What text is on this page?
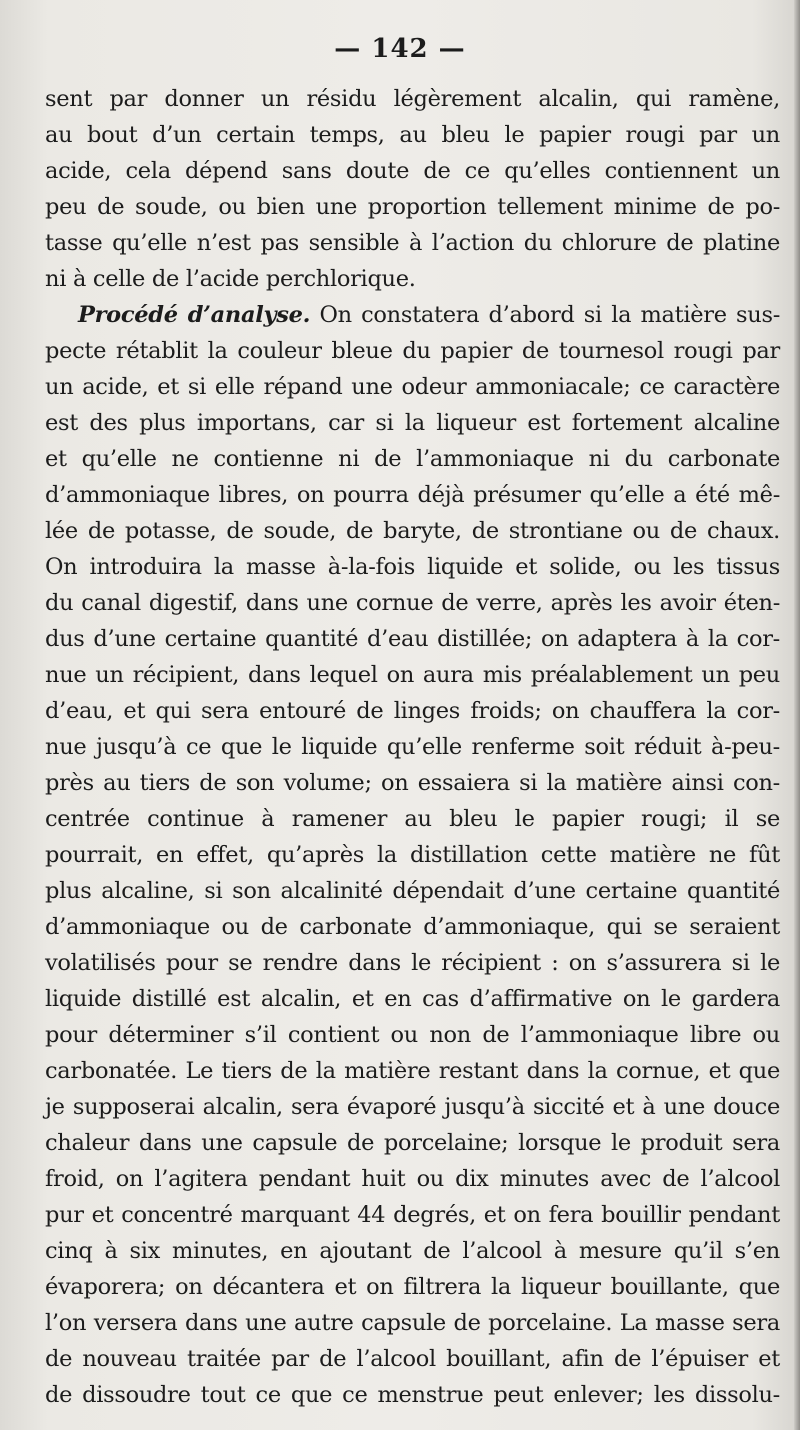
— 142 —
sent par donner un résidu légèrement alcalin, qui ramène,
au bout d’un certain temps, au bleu le papier rougi par un
acide, cela dépend sans doute de ce qu’elles contiennent un
peu de soude, ou bien une proportion tellement minime de po-
tasse qu’elle n’est pas sensible à l’action du chlorure de platine
ni à celle de l’acide perchlorique.
Procédé d’analyse. On constatera d’abord si la matière sus-
pecte rétablit la couleur bleue du papier de tournesol rougi par
un acide, et si elle répand une odeur ammoniacale; ce caractère
est des plus importans, car si la liqueur est fortement alcaline
et qu’elle ne contienne ni de l’ammoniaque ni du carbonate
d’ammoniaque libres, on pourra déjà présumer qu’elle a été mê-
lée de potasse, de soude, de baryte, de strontiane ou de chaux.
On introduira la masse à-la-fois liquide et solide, ou les tissus
du canal digestif, dans une cornue de verre, après les avoir éten-
dus d’une certaine quantité d’eau distillée; on adaptera à la cor-
nue un récipient, dans lequel on aura mis préalablement un peu
d’eau, et qui sera entouré de linges froids; on chauffera la cor-
nue jusqu’à ce que le liquide qu’elle renferme soit réduit à-peu-
près au tiers de son volume; on essaiera si la matière ainsi con-
centrée continue à ramener au bleu le papier rougi; il se
pourrait, en effet, qu’après la distillation cette matière ne fût
plus alcaline, si son alcalinité dépendait d’une certaine quantité
d’ammoniaque ou de carbonate d’ammoniaque, qui se seraient
volatilisés pour se rendre dans le récipient : on s’assurera si le
liquide distillé est alcalin, et en cas d’affirmative on le gardera
pour déterminer s’il contient ou non de l’ammoniaque libre ou
carbonatée. Le tiers de la matière restant dans la cornue, et que
je supposerai alcalin, sera évaporé jusqu’à siccité et à une douce
chaleur dans une capsule de porcelaine; lorsque le produit sera
froid, on l’agitera pendant huit ou dix minutes avec de l’alcool
pur et concentré marquant 44 degrés, et on fera bouillir pendant
cinq à six minutes, en ajoutant de l’alcool à mesure qu’il s’en
évaporera; on décantera et on filtrera la liqueur bouillante, que
l’on versera dans une autre capsule de porcelaine. La masse sera
de nouveau traitée par de l’alcool bouillant, afin de l’épuiser et
de dissoudre tout ce que ce menstrue peut enlever; les dissolu-
